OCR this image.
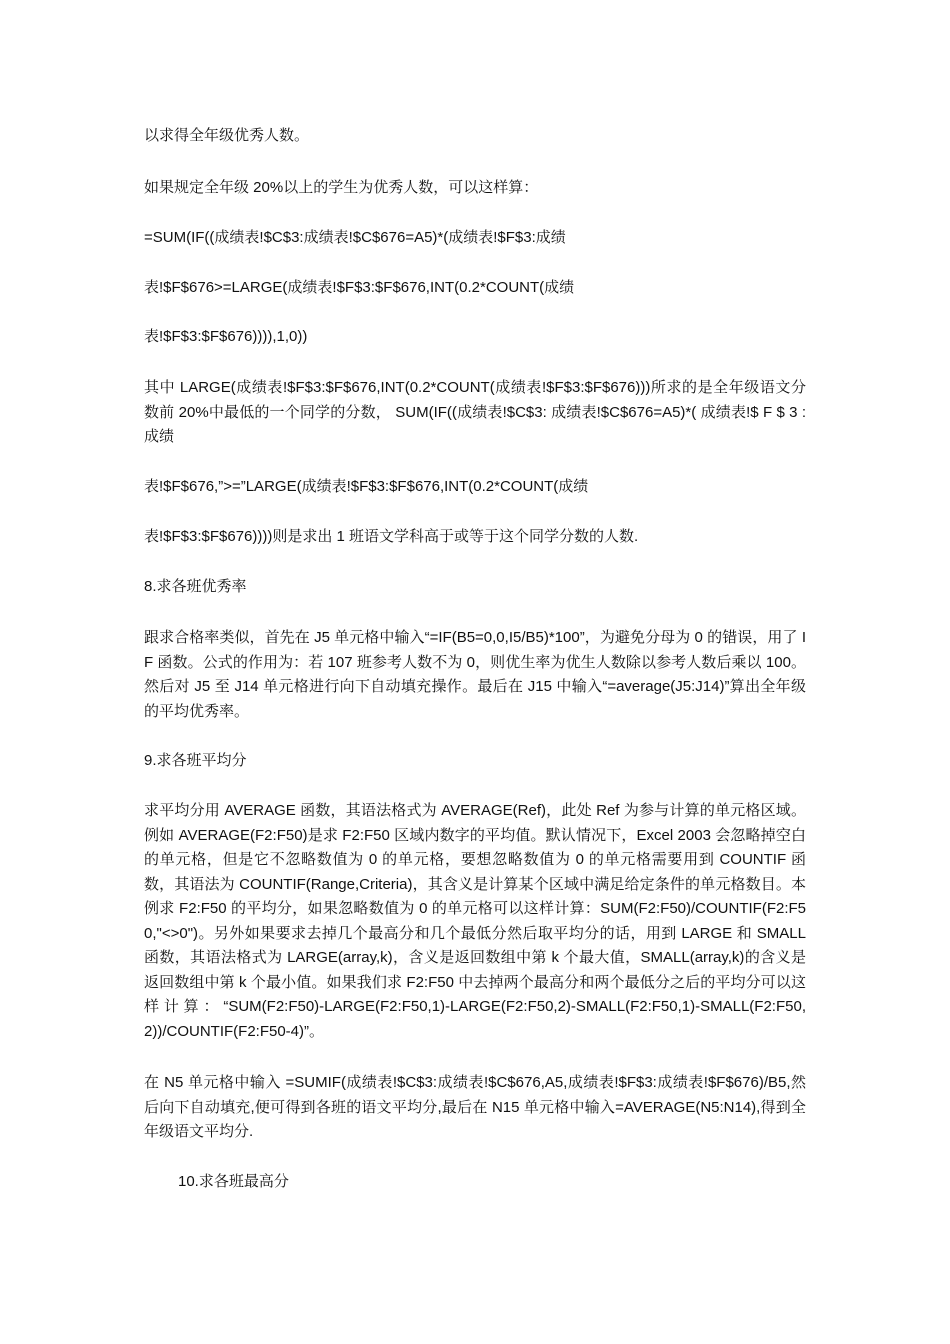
以求得全年级优秀人数。

如果规定全年级 20%以上的学生为优秀人数，可以这样算：

=SUM(IF((成绩表!$C$3:成绩表!$C$676=A5)*(成绩表!$F$3:成绩

表!$F$676>=LARGE(成绩表!$F$3:$F$676,INT(0.2*COUNT(成绩

表!$F$3:$F$676)))),1,0))

其中 LARGE(成绩表!$F$3:$F$676,INT(0.2*COUNT(成绩表!$F$3:$F$676)))所求的是全年级语文分数前 20%中最低的一个同学的分数， SUM(IF((成绩表!$C$3: 成绩表!$C$676=A5)*( 成绩表!$ F $ 3 : 成绩

表!$F$676,”>=”LARGE(成绩表!$F$3:$F$676,INT(0.2*COUNT(成绩

表!$F$3:$F$676))))则是求出 1 班语文学科高于或等于这个同学分数的人数.

8.求各班优秀率

跟求合格率类似，首先在 J5 单元格中输入“=IF(B5=0,0,I5/B5)*100”，为避免分母为 0 的错误，用了 IF 函数。公式的作用为：若 107 班参考人数不为 0，则优生率为优生人数除以参考人数后乘以 100。然后对 J5 至 J14 单元格进行向下自动填充操作。最后在 J15 中输入“=average(J5:J14)”算出全年级的平均优秀率。

9.求各班平均分

求平均分用 AVERAGE 函数，其语法格式为 AVERAGE(Ref)，此处 Ref 为参与计算的单元格区域。例如 AVERAGE(F2:F50)是求 F2:F50 区域内数字的平均值。默认情况下，Excel 2003 会忽略掉空白的单元格，但是它不忽略数值为 0 的单元格，要想忽略数值为 0 的单元格需要用到 COUNTIF 函数，其语法为 COUNTIF(Range,Criteria)，其含义是计算某个区域中满足给定条件的单元格数目。本例求 F2:F50 的平均分，如果忽略数值为 0 的单元格可以这样计算：SUM(F2:F50)/COUNTIF(F2:F50,"<>0")。另外如果要求去掉几个最高分和几个最低分然后取平均分的话，用到 LARGE 和 SMALL 函数，其语法格式为 LARGE(array,k)，含义是返回数组中第 k 个最大值，SMALL(array,k)的含义是返回数组中第 k 个最小值。如果我们求 F2:F50 中去掉两个最高分和两个最低分之后的平均分可以这样计算：“SUM(F2:F50)-LARGE(F2:F50,1)-LARGE(F2:F50,2)-SMALL(F2:F50,1)-SMALL(F2:F50,2))/COUNTIF(F2:F50-4)”。

在 N5 单元格中输入 =SUMIF(成绩表!$C$3:成绩表!$C$676,A5,成绩表!$F$3:成绩表!$F$676)/B5,然后向下自动填充,便可得到各班的语文平均分,最后在 N15 单元格中输入=AVERAGE(N5:N14),得到全年级语文平均分.

10.求各班最高分
